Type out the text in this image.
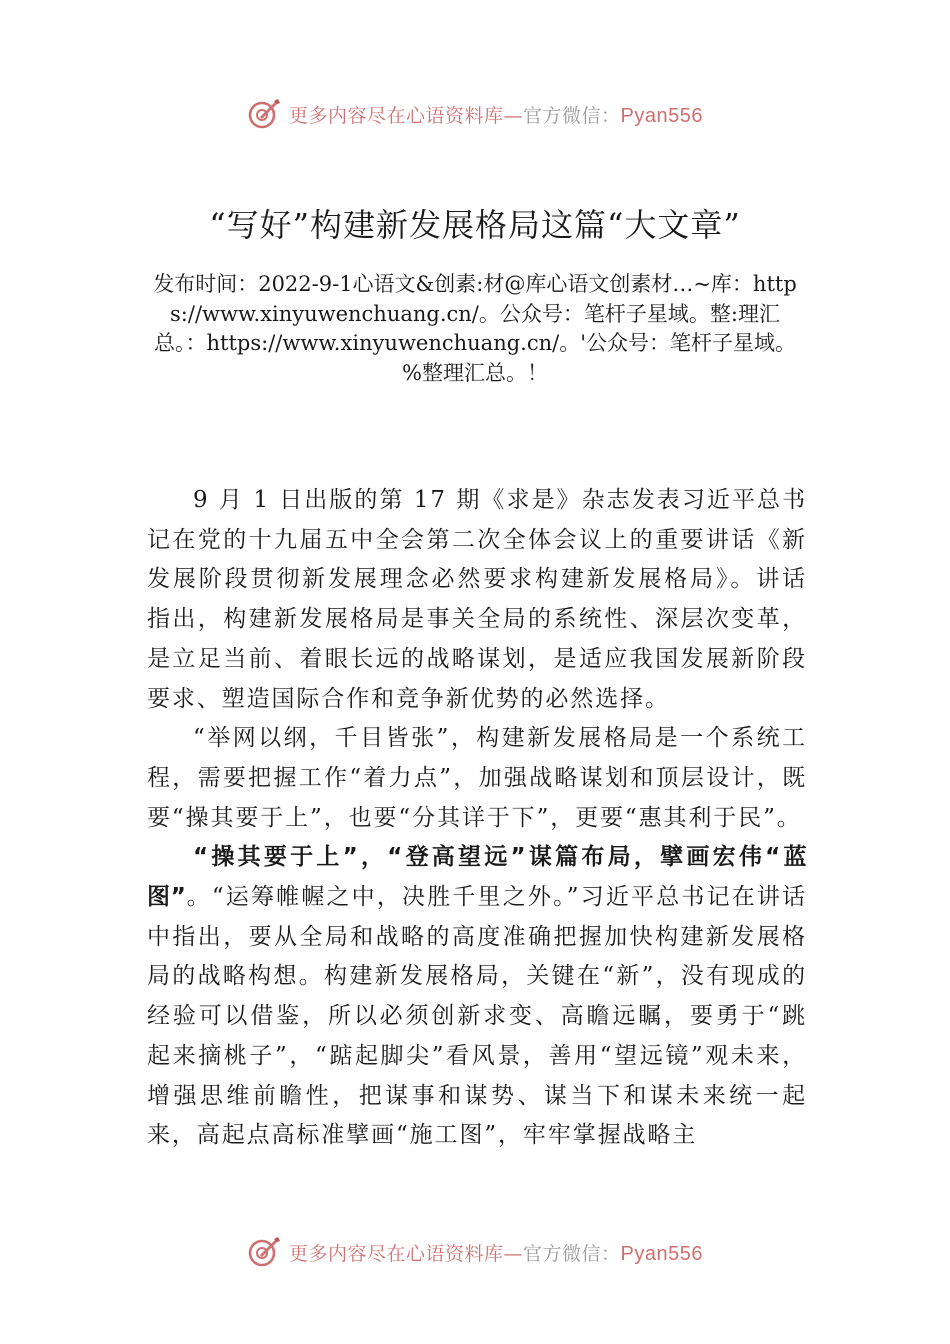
更多内容尽在心语资料库—官方微信：Pyan556
“写好”构建新发展格局这篇“大文章”

发布时间：2022-9-1心语文&创素:材@库心语文创素材…~库：https://www.xinyuwenchuang.cn/。公众号：笔杆子星域。整:理汇总。：https://www.xinyuwenchuang.cn/。'公众号：笔杆子星域。%整理汇总。！

9 月 1 日出版的第 17 期《求是》杂志发表习近平总书记在党的十九届五中全会第二次全体会议上的重要讲话《新发展阶段贯彻新发展理念必然要求构建新发展格局》。讲话指出，构建新发展格局是事关全局的系统性、深层次变革，是立足当前、着眼长远的战略谋划，是适应我国发展新阶段要求、塑造国际合作和竞争新优势的必然选择。

“举网以纲，千目皆张”，构建新发展格局是一个系统工程，需要把握工作“着力点”，加强战略谋划和顶层设计，既要“操其要于上”，也要“分其详于下”，更要“惠其利于民”。

“操其要于上”，“登高望远”谋篇布局，擘画宏伟“蓝图”。“运筹帷幄之中，决胜千里之外。”习近平总书记在讲话中指出，要从全局和战略的高度准确把握加快构建新发展格局的战略构想。构建新发展格局，关键在“新”，没有现成的经验可以借鉴，所以必须创新求变、高瞻远瞩，要勇于“跳起来摘桃子”，“踮起脚尖”看风景，善用“望远镜”观未来，增强思维前瞻性，把谋事和谋势、谋当下和谋未来统一起来，高起点高标准擘画“施工图”，牢牢掌握战略主

更多内容尽在心语资料库—官方微信：Pyan556
